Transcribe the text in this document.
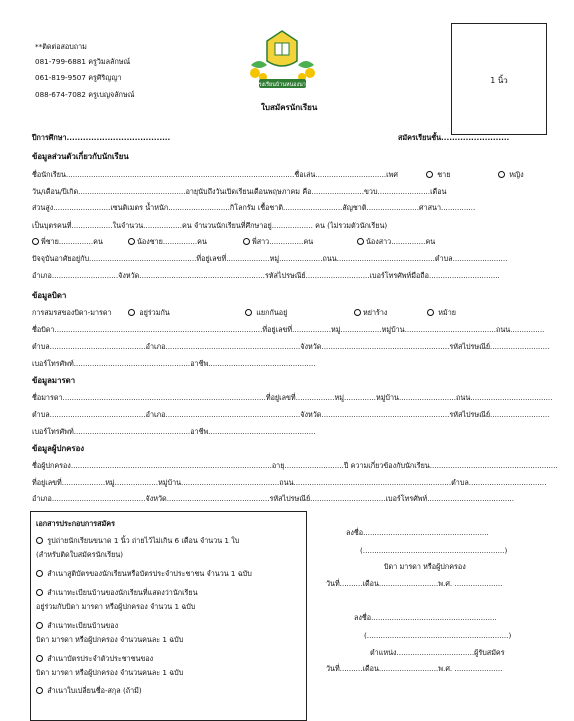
**ติดต่อสอบถาม
081-799-6881 ครูวิมลลักษณ์
061-819-9507 ครูศิริญญา
088-674-7082 ครูเบญจลักษณ์
โรงเรียนบ้านหนองนาก
ใบสมัครนักเรียน
1 นิ้ว
ปีการศึกษา......................................	สมัครเรียนชั้น.........................
ข้อมูลส่วนตัวเกี่ยวกับนักเรียน
ชื่อนักเรียน....................................................................................................ชื่อเล่น...............................เพศ	ชาย	หญิง
วัน/เดือน/ปีเกิด...............................................อายุนับถึงวันเปิดเรียนเดือนพฤษภาคม คือ.......................ขวบ.......................เดือน
ส่วนสูง.........................เซนติเมตร น้ำหนัก...........................กิโลกรัม เชื้อชาติ..........................สัญชาติ.......................ศาสนา...............
เป็นบุตรคนที่..................ในจำนวน.................คน จำนวนนักเรียนที่ศึกษาอยู่.................. คน (ไม่รวมตัวนักเรียน)
พี่ชาย...............คน	น้องชาย...............คน	พี่สาว...............คน	น้องสาว...............คน
ปัจจุบันอาศัยอยู่กับ...............................................ที่อยู่เลขที่...................หมู่...................ถนน...........................................ตำบล........................
อำเภอ.............................จังหวัด.......................................................รหัสไปรษณีย์............................เบอร์โทรศัพท์มือถือ...............................
ข้อมูลบิดา
การสมรสของบิดา-มารดา	อยู่ร่วมกัน	แยกกันอยู่	หย่าร้าง	หม้าย
ชื่อบิดา...........................................................................................ที่อยู่เลขที่.................หมู่..................หมู่บ้าน........................................ถนน...............
ตำบล..........................................อำเภอ...........................................................จังหวัด........................................................รหัสไปรษณีย์..........................
เบอร์โทรศัพท์...................................................อาชีพ...............................................
ข้อมูลมารดา
ชื่อมารดา.........................................................................................ที่อยู่เลขที่.................หมู่..............หมู่บ้าน.........................ถนน....................................
ตำบล..........................................อำเภอ...........................................................จังหวัด........................................................รหัสไปรษณีย์..........................
เบอร์โทรศัพท์...................................................อาชีพ...............................................
ข้อมูลผู้ปกครอง
ชื่อผู้ปกครอง........................................................................................อายุ..........................ปี ความเกี่ยวข้องกับนักเรียน........................................................
ที่อยู่เลขที่...................หมู่...................หมู่บ้าน...........................................ถนน.....................................................................ตำบล..................................
อำเภอ.........................................จังหวัด.............................................รหัสไปรษณีย์.................................เบอร์โทรศัพท์......................................
เอกสารประกอบการสมัคร
รูปถ่ายนักเรียนขนาด 1 นิ้ว ถ่ายไว้ไม่เกิน 6 เดือน จำนวน 1 ใบ
(สำหรับติดใบสมัครนักเรียน)
สำเนาสูติบัตรของนักเรียนหรือบัตรประจำประชาชน จำนวน 1 ฉบับ
สำเนาทะเบียนบ้านของนักเรียนที่แสดงว่านักเรียน
อยู่ร่วมกับบิดา มารดา หรือผู้ปกครอง จำนวน 1 ฉบับ
สำเนาทะเบียนบ้านของ
บิดา มารดา หรือผู้ปกครอง จำนวนคนละ 1 ฉบับ
สำเนาบัตรประจำตัวประชาชนของ
บิดา มารดา หรือผู้ปกครอง จำนวนคนละ 1 ฉบับ
สำเนาใบเปลี่ยนชื่อ-สกุล (ถ้ามี)
ลงชื่อ.......................................................
(..............................................................)
บิดา มารดา หรือผู้ปกครอง
วันที่..........เดือน..........................พ.ศ. .....................
ลงชื่อ.......................................................
(..............................................................)
ตำแหน่ง..................................ผู้รับสมัคร
วันที่..........เดือน..........................พ.ศ. .....................
